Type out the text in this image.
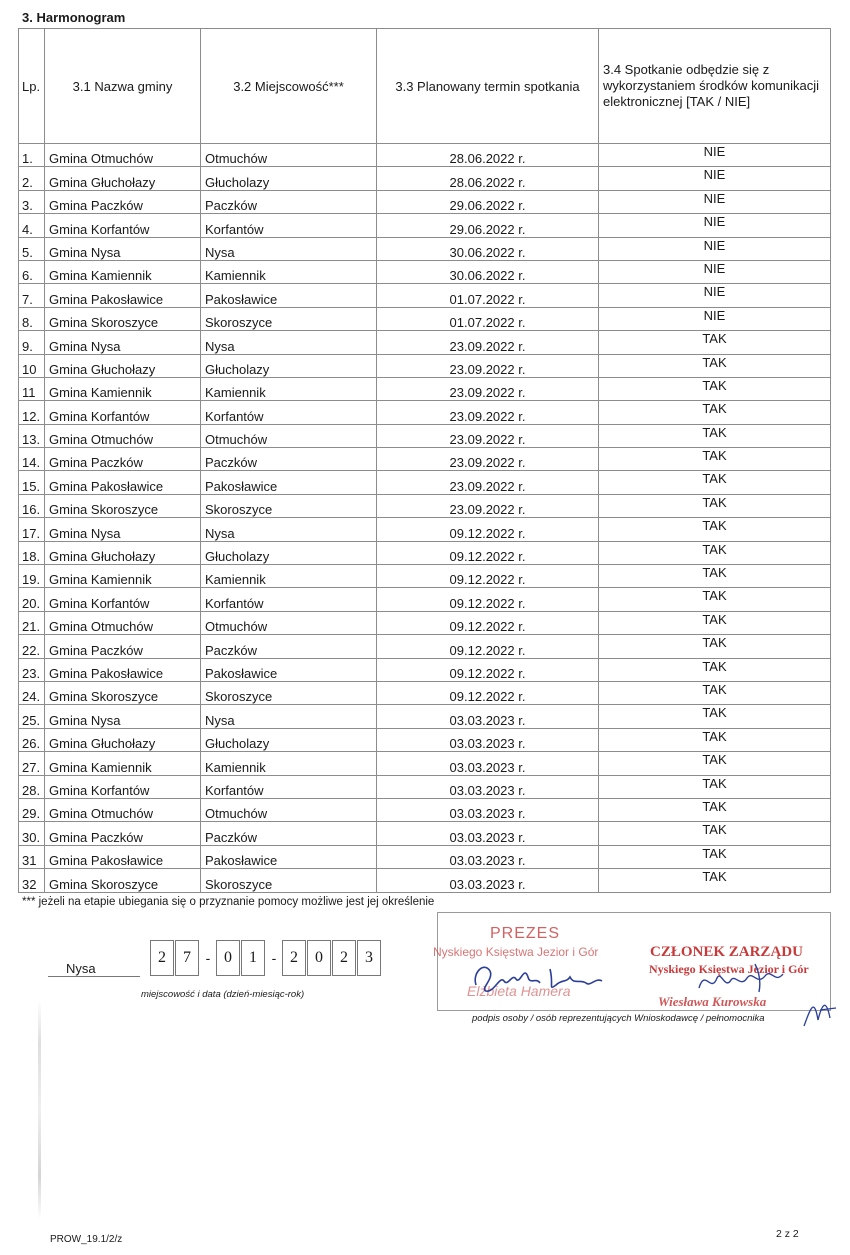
3. Harmonogram
Lp.	3.1 Nazwa gminy	3.2 Miejscowość***	3.3 Planowany termin spotkania	3.4 Spotkanie odbędzie się z wykorzystaniem środków komunikacji elektronicznej [TAK / NIE]
1.	Gmina Otmuchów	Otmuchów	28.06.2022 r.	NIE
2.	Gmina Głuchołazy	Głucholazy	28.06.2022 r.	NIE
3.	Gmina Paczków	Paczków	29.06.2022 r.	NIE
4.	Gmina Korfantów	Korfantów	29.06.2022 r.	NIE
5.	Gmina Nysa	Nysa	30.06.2022 r.	NIE
6.	Gmina Kamiennik	Kamiennik	30.06.2022 r.	NIE
7.	Gmina Pakosławice	Pakosławice	01.07.2022 r.	NIE
8.	Gmina Skoroszyce	Skoroszyce	01.07.2022 r.	NIE
9.	Gmina Nysa	Nysa	23.09.2022 r.	TAK
10	Gmina Głuchołazy	Głucholazy	23.09.2022 r.	TAK
11	Gmina Kamiennik	Kamiennik	23.09.2022 r.	TAK
12.	Gmina Korfantów	Korfantów	23.09.2022 r.	TAK
13.	Gmina Otmuchów	Otmuchów	23.09.2022 r.	TAK
14.	Gmina Paczków	Paczków	23.09.2022 r.	TAK
15.	Gmina Pakosławice	Pakosławice	23.09.2022 r.	TAK
16.	Gmina Skoroszyce	Skoroszyce	23.09.2022 r.	TAK
17.	Gmina Nysa	Nysa	09.12.2022 r.	TAK
18.	Gmina Głuchołazy	Głucholazy	09.12.2022 r.	TAK
19.	Gmina Kamiennik	Kamiennik	09.12.2022 r.	TAK
20.	Gmina Korfantów	Korfantów	09.12.2022 r.	TAK
21.	Gmina Otmuchów	Otmuchów	09.12.2022 r.	TAK
22.	Gmina Paczków	Paczków	09.12.2022 r.	TAK
23.	Gmina Pakosławice	Pakosławice	09.12.2022 r.	TAK
24.	Gmina Skoroszyce	Skoroszyce	09.12.2022 r.	TAK
25.	Gmina Nysa	Nysa	03.03.2023 r.	TAK
26.	Gmina Głuchołazy	Głucholazy	03.03.2023 r.	TAK
27.	Gmina Kamiennik	Kamiennik	03.03.2023 r.	TAK
28.	Gmina Korfantów	Korfantów	03.03.2023 r.	TAK
29.	Gmina Otmuchów	Otmuchów	03.03.2023 r.	TAK
30.	Gmina Paczków	Paczków	03.03.2023 r.	TAK
31	Gmina Pakosławice	Pakosławice	03.03.2023 r.	TAK
32	Gmina Skoroszyce	Skoroszyce	03.03.2023 r.	TAK
*** jeżeli na etapie ubiegania się o przyznanie pomocy możliwe jest jej określenie
Nysa
2	7	- 0	1	- 2	0	2	3
miejscowość i data (dzień-miesiąc-rok)
PREZES
Nyskiego Księstwa Jezior i Gór
Elżbieta Hamera
CZŁONEK ZARZĄDU
Nyskiego Księstwa Jezior i Gór
Wiesława Kurowska
podpis osoby / osób reprezentujących Wnioskodawcę / pełnomocnika
PROW_19.1/2/z	2 z 2
